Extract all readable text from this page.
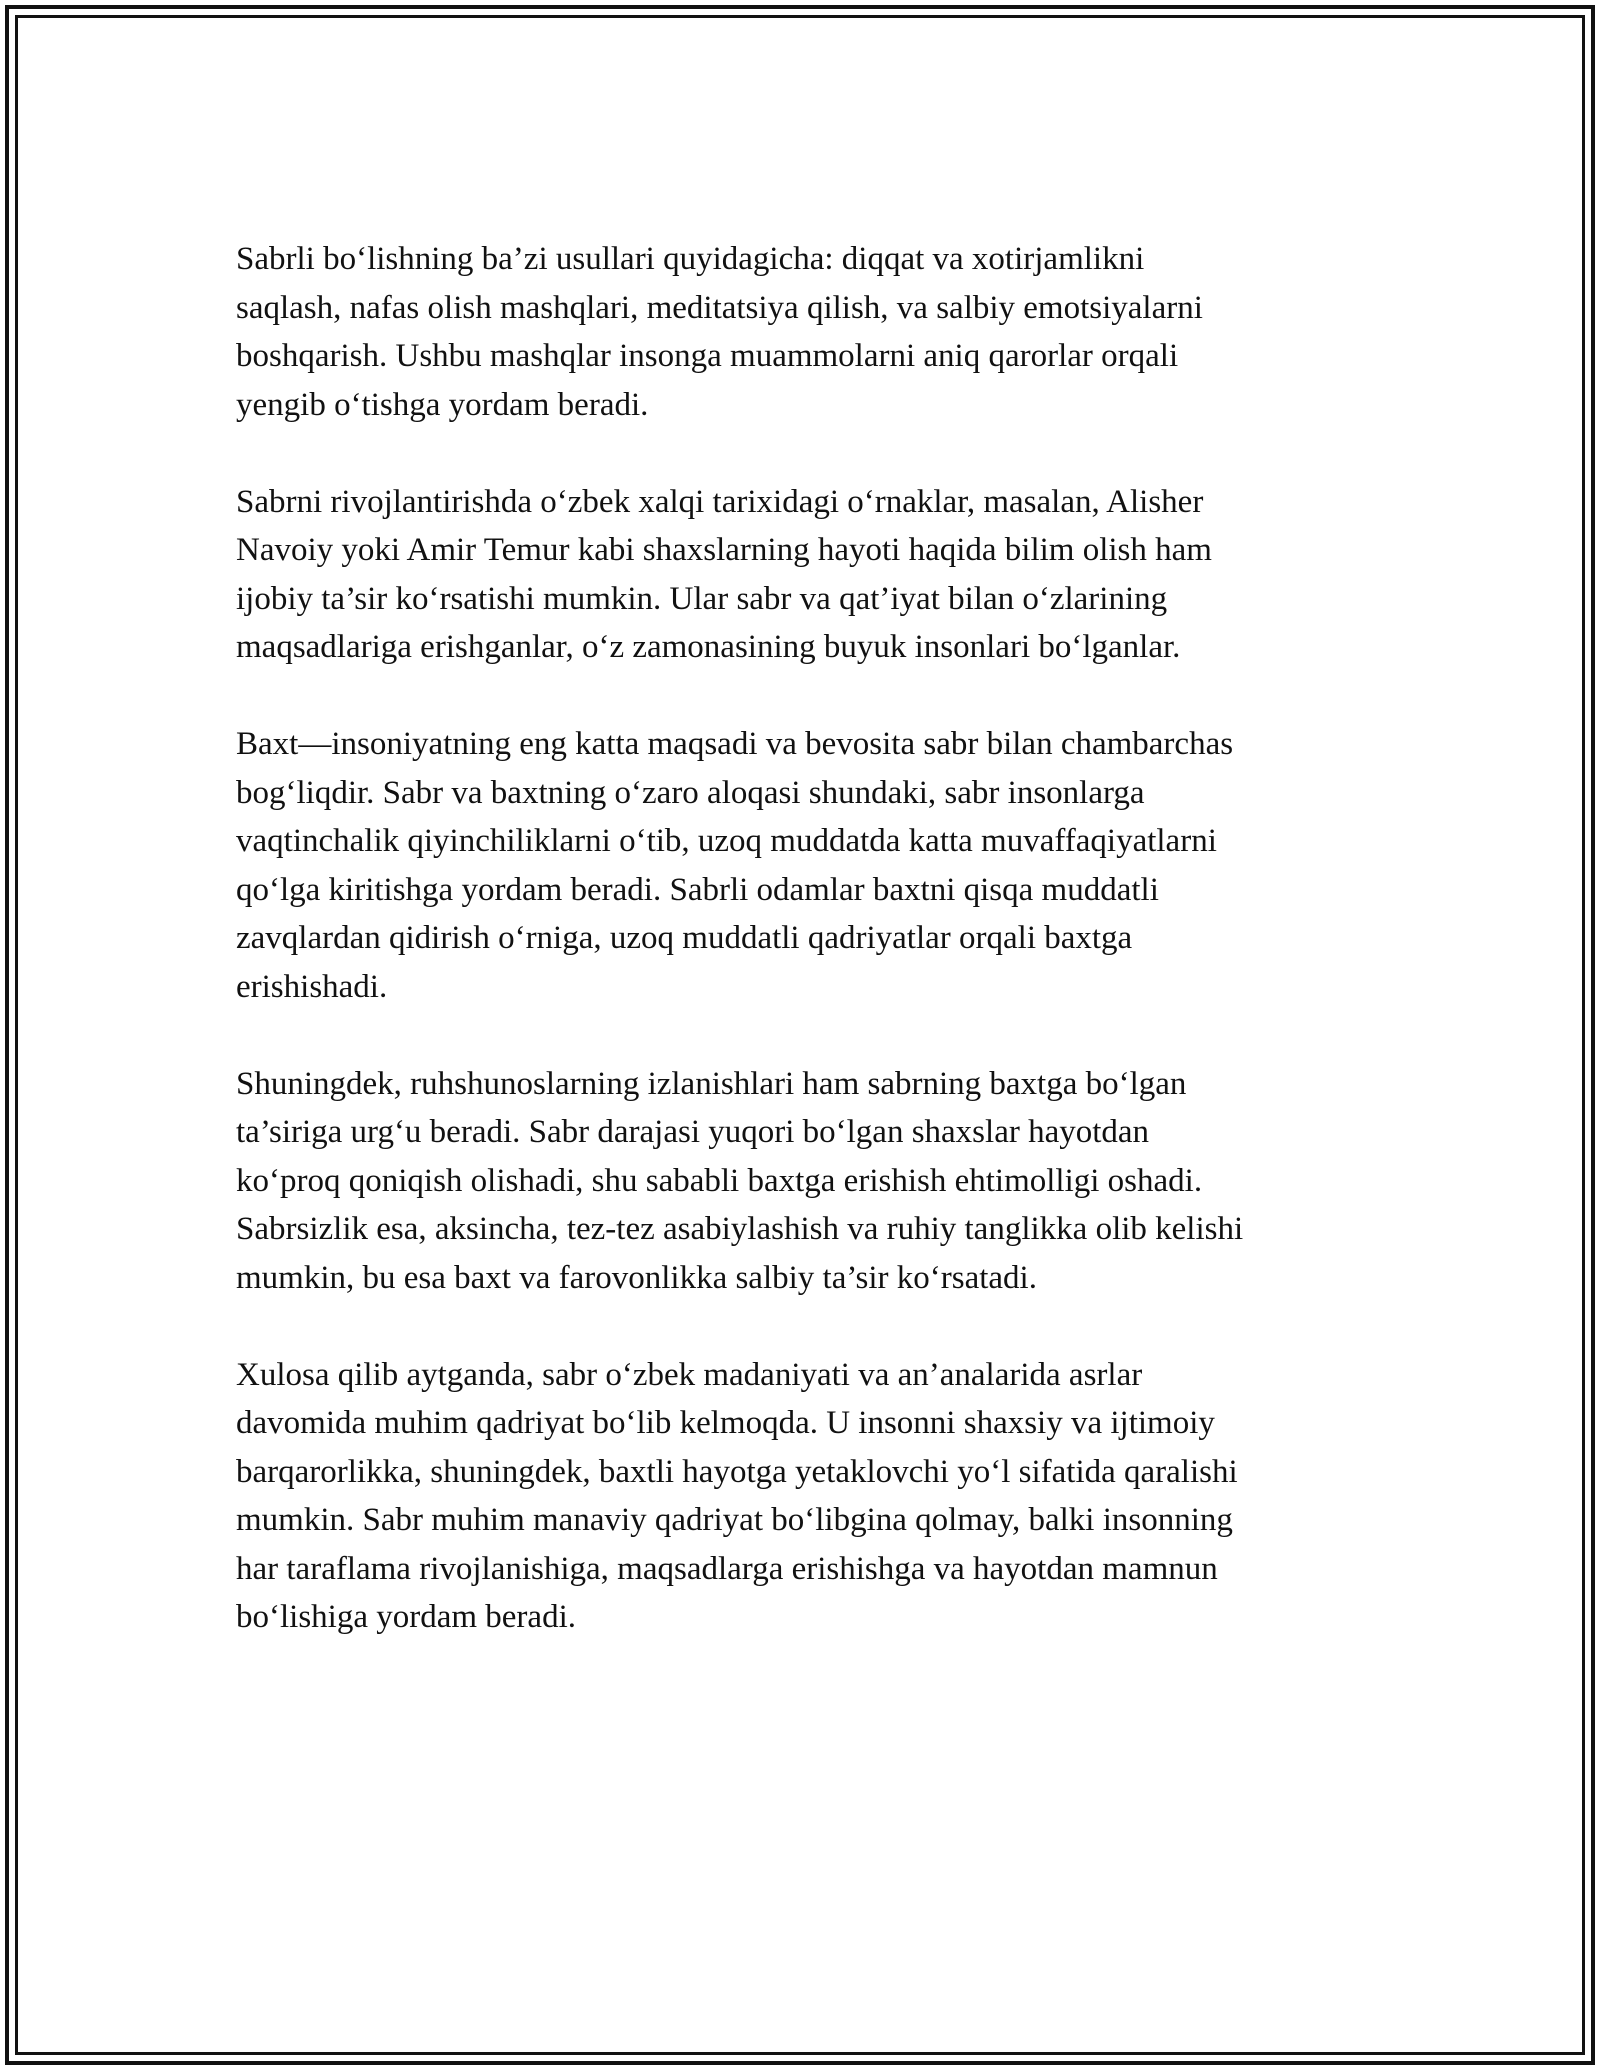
Sabrli bo‘lishning ba’zi usullari quyidagicha: diqqat va xotirjamlikni
saqlash, nafas olish mashqlari, meditatsiya qilish, va salbiy emotsiyalarni
boshqarish. Ushbu mashqlar insonga muammolarni aniq qarorlar orqali
yengib o‘tishga yordam beradi.

Sabrni rivojlantirishda o‘zbek xalqi tarixidagi o‘rnaklar, masalan, Alisher
Navoiy yoki Amir Temur kabi shaxslarning hayoti haqida bilim olish ham
ijobiy ta’sir ko‘rsatishi mumkin. Ular sabr va qat’iyat bilan o‘zlarining
maqsadlariga erishganlar, o‘z zamonasining buyuk insonlari bo‘lganlar.

Baxt—insoniyatning eng katta maqsadi va bevosita sabr bilan chambarchas
bog‘liqdir. Sabr va baxtning o‘zaro aloqasi shundaki, sabr insonlarga
vaqtinchalik qiyinchiliklarni o‘tib, uzoq muddatda katta muvaffaqiyatlarni
qo‘lga kiritishga yordam beradi. Sabrli odamlar baxtni qisqa muddatli
zavqlardan qidirish o‘rniga, uzoq muddatli qadriyatlar orqali baxtga
erishishadi.

Shuningdek, ruhshunoslarning izlanishlari ham sabrning baxtga bo‘lgan
ta’siriga urg‘u beradi. Sabr darajasi yuqori bo‘lgan shaxslar hayotdan
ko‘proq qoniqish olishadi, shu sababli baxtga erishish ehtimolligi oshadi.
Sabrsizlik esa, aksincha, tez-tez asabiylashish va ruhiy tanglikka olib kelishi
mumkin, bu esa baxt va farovonlikka salbiy ta’sir ko‘rsatadi.

Xulosa qilib aytganda, sabr o‘zbek madaniyati va an’analarida asrlar
davomida muhim qadriyat bo‘lib kelmoqda. U insonni shaxsiy va ijtimoiy
barqarorlikka, shuningdek, baxtli hayotga yetaklovchi yo‘l sifatida qaralishi
mumkin. Sabr muhim manaviy qadriyat bo‘libgina qolmay, balki insonning
har taraflama rivojlanishiga, maqsadlarga erishishga va hayotdan mamnun
bo‘lishiga yordam beradi.
